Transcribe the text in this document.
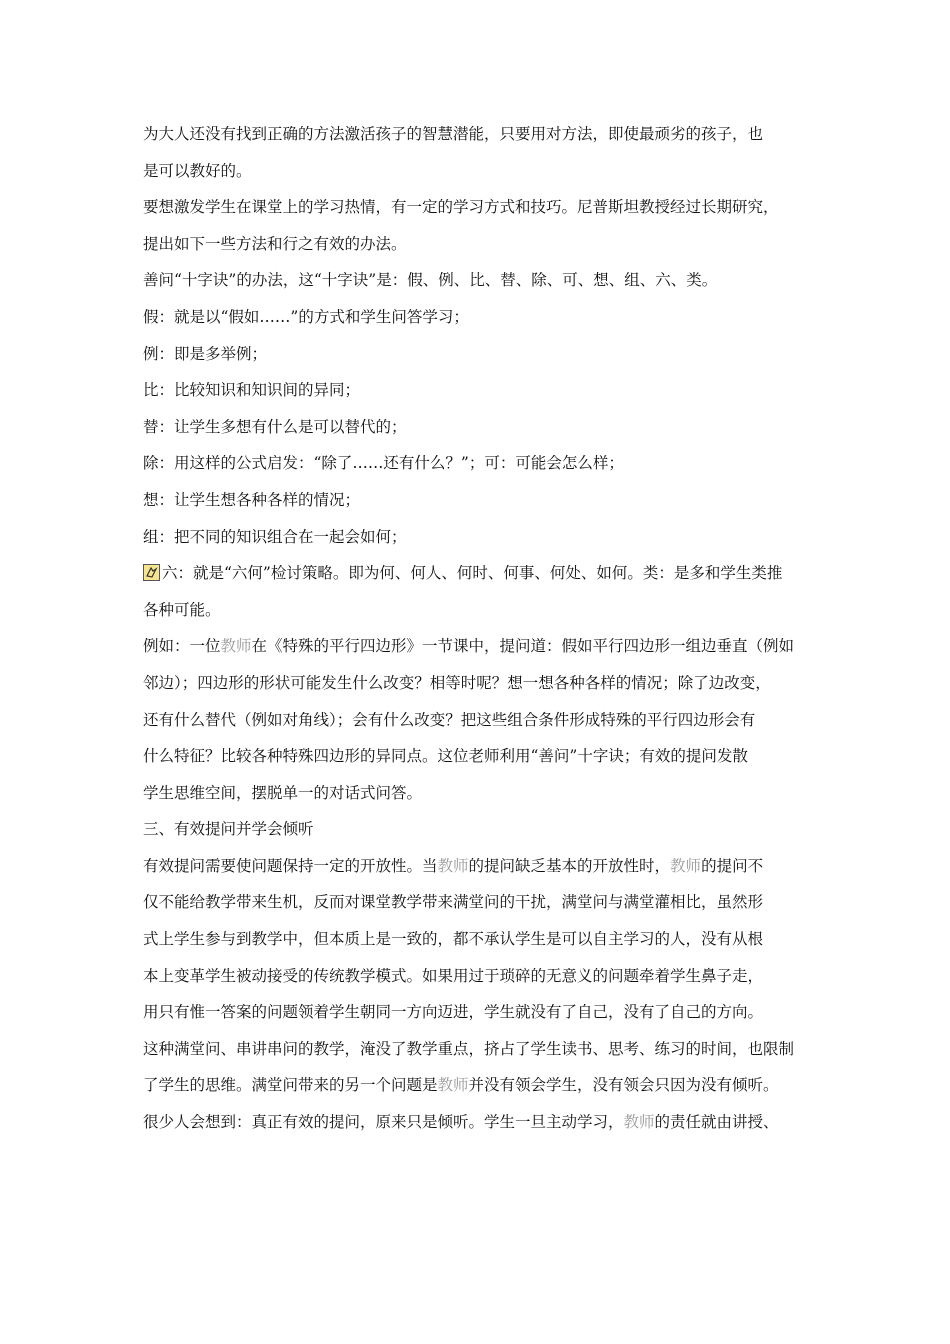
为大人还没有找到正确的方法激活孩子的智慧潜能，只要用对方法，即使最顽劣的孩子，也
是可以教好的。
要想激发学生在课堂上的学习热情，有一定的学习方式和技巧。尼普斯坦教授经过长期研究，
提出如下一些方法和行之有效的办法。
善问“十字诀”的办法，这“十字诀”是：假、例、比、替、除、可、想、组、六、类。
假：就是以“假如……”的方式和学生问答学习；
例：即是多举例；
比：比较知识和知识间的异同；
替：让学生多想有什么是可以替代的；
除：用这样的公式启发：“除了……还有什么？”；可：可能会怎么样；
想：让学生想各种各样的情况；
组：把不同的知识组合在一起会如何；
六：就是“六何”检讨策略。即为何、何人、何时、何事、何处、如何。类：是多和学生类推
各种可能。
例如：一位教师在《特殊的平行四边形》一节课中，提问道：假如平行四边形一组边垂直（例如
邻边）；四边形的形状可能发生什么改变？相等时呢？想一想各种各样的情况；除了边改变，
还有什么替代（例如对角线）；会有什么改变？把这些组合条件形成特殊的平行四边形会有
什么特征？比较各种特殊四边形的异同点。这位老师利用“善问”十字诀；有效的提问发散
学生思维空间，摆脱单一的对话式问答。
三、有效提问并学会倾听
有效提问需要使问题保持一定的开放性。当教师的提问缺乏基本的开放性时，教师的提问不
仅不能给教学带来生机，反而对课堂教学带来满堂问的干扰，满堂问与满堂灌相比，虽然形
式上学生参与到教学中，但本质上是一致的，都不承认学生是可以自主学习的人，没有从根
本上变革学生被动接受的传统教学模式。如果用过于琐碎的无意义的问题牵着学生鼻子走，
用只有惟一答案的问题领着学生朝同一方向迈进，学生就没有了自己，没有了自己的方向。
这种满堂问、串讲串问的教学，淹没了教学重点，挤占了学生读书、思考、练习的时间，也限制
了学生的思维。满堂问带来的另一个问题是教师并没有领会学生，没有领会只因为没有倾听。
很少人会想到：真正有效的提问，原来只是倾听。学生一旦主动学习，教师的责任就由讲授、
